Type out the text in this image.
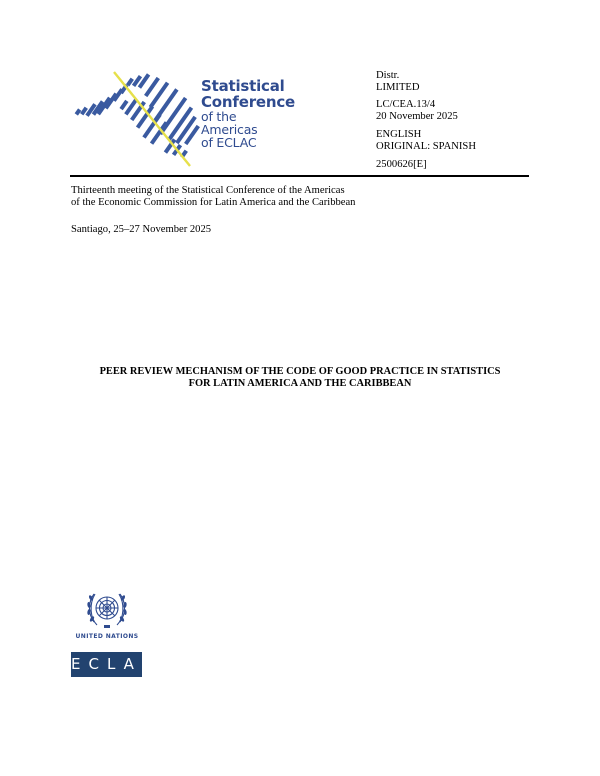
Statistical
Conference
of the Americas
of ECLAC
Distr.
LIMITED
LC/CEA.13/4
20 November 2025
ENGLISH
ORIGINAL: SPANISH
2500626[E]
Thirteenth meeting of the Statistical Conference of the Americas
of the Economic Commission for Latin America and the Caribbean
Santiago, 25–27 November 2025
PEER REVIEW MECHANISM OF THE CODE OF GOOD PRACTICE IN STATISTICS
FOR LATIN AMERICA AND THE CARIBBEAN
UNITED NATIONS
ECLAC
